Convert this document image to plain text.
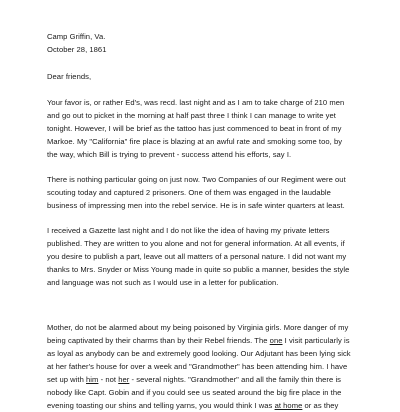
Camp Griffin, Va.
October 28, 1861
Dear friends,
Your favor is, or rather Ed's, was recd. last night and as I am to take charge of 210 men
and go out to picket in the morning at half past three I think I can manage to write yet
tonight. However, I will be brief as the tattoo has just commenced to beat in front of my
Markoe. My "California" fire place is blazing at an awful rate and smoking some too, by
the way, which Bill is trying to prevent - success attend his efforts, say I.
There is nothing particular going on just now. Two Companies of our Regiment were out
scouting today and captured 2 prisoners. One of them was engaged in the laudable
business of impressing men into the rebel service. He is in safe winter quarters at least.
I received a Gazette last night and I do not like the idea of having my private letters
published. They are written to you alone and not for general information. At all events, if
you desire to publish a part, leave out all matters of a personal nature. I did not want my
thanks to Mrs. Snyder or Miss Young made in quite so public a manner, besides the style
and language was not such as I would use in a letter for publication.
Mother, do not be alarmed about my being poisoned by Virginia girls. More danger of my
being captivated by their charms than by their Rebel friends. The one I visit particularly is
as loyal as anybody can be and extremely good looking. Our Adjutant has been lying sick
at her father's house for over a week and "Grandmother" has been attending him. I have
set up with him - not her - several nights. "Grandmother" and all the family thin there is
nobody like Capt. Gobin and if you could see us seated around the big fire place in the
evening toasting our shins and telling yarns, you would think I was at home or as they
